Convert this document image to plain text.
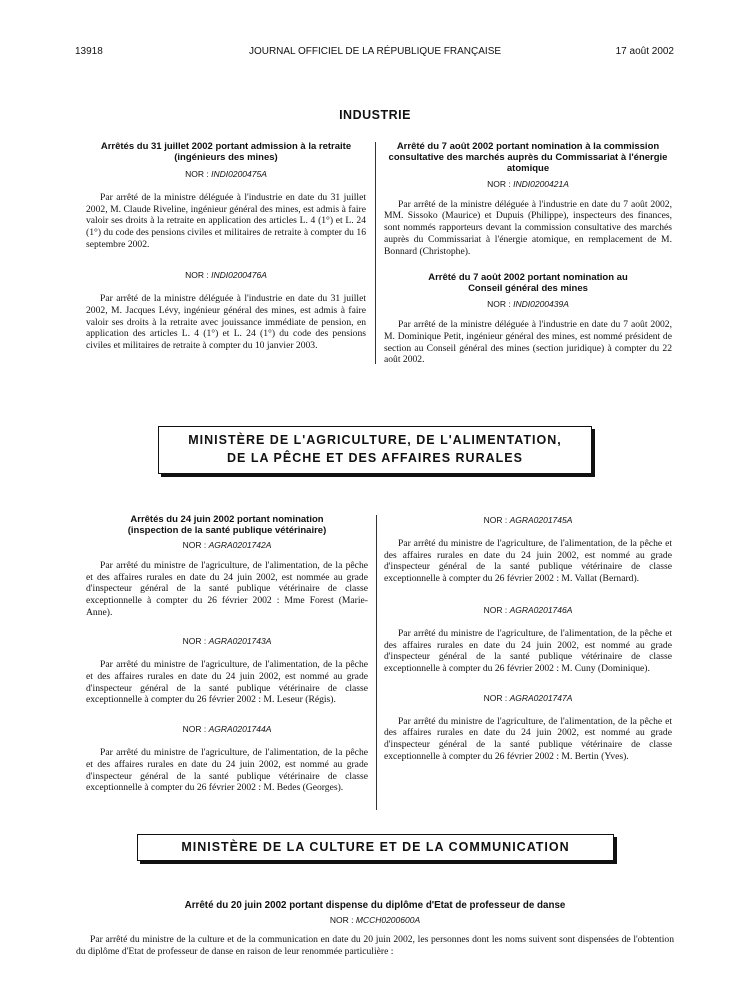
13918	JOURNAL OFFICIEL DE LA RÉPUBLIQUE FRANÇAISE	17 août 2002
INDUSTRIE
Arrêtés du 31 juillet 2002 portant admission à la retraite (ingénieurs des mines)
NOR : INDI0200475A

Par arrêté de la ministre déléguée à l'industrie en date du 31 juillet 2002, M. Claude Riveline, ingénieur général des mines, est admis à faire valoir ses droits à la retraite en application des articles L. 4 (1°) et L. 24 (1°) du code des pensions civiles et militaires de retraite à compter du 16 septembre 2002.

NOR : INDI0200476A

Par arrêté de la ministre déléguée à l'industrie en date du 31 juillet 2002, M. Jacques Lévy, ingénieur général des mines, est admis à faire valoir ses droits à la retraite avec jouissance immédiate de pension, en application des articles L. 4 (1°) et L. 24 (1°) du code des pensions civiles et militaires de retraite à compter du 10 janvier 2003.

Arrêté du 7 août 2002 portant nomination à la commission consultative des marchés auprès du Commissariat à l'énergie atomique
NOR : INDI0200421A

Par arrêté de la ministre déléguée à l'industrie en date du 7 août 2002, MM. Sissoko (Maurice) et Dupuis (Philippe), inspecteurs des finances, sont nommés rapporteurs devant la commission consultative des marchés auprès du Commissariat à l'énergie atomique, en remplacement de M. Bonnard (Christophe).

Arrêté du 7 août 2002 portant nomination au Conseil général des mines
NOR : INDI0200439A

Par arrêté de la ministre déléguée à l'industrie en date du 7 août 2002, M. Dominique Petit, ingénieur général des mines, est nommé président de section au Conseil général des mines (section juridique) à compter du 22 août 2002.

MINISTÈRE DE L'AGRICULTURE, DE L'ALIMENTATION,
DE LA PÊCHE ET DES AFFAIRES RURALES
Arrêtés du 24 juin 2002 portant nomination (inspection de la santé publique vétérinaire)
NOR : AGRA0201742A

Par arrêté du ministre de l'agriculture, de l'alimentation, de la pêche et des affaires rurales en date du 24 juin 2002, est nommée au grade d'inspecteur général de la santé publique vétérinaire de classe exceptionnelle à compter du 26 février 2002 : Mme Forest (Marie-Anne).

NOR : AGRA0201743A

Par arrêté du ministre de l'agriculture, de l'alimentation, de la pêche et des affaires rurales en date du 24 juin 2002, est nommé au grade d'inspecteur général de la santé publique vétérinaire de classe exceptionnelle à compter du 26 février 2002 : M. Leseur (Régis).

NOR : AGRA0201744A

Par arrêté du ministre de l'agriculture, de l'alimentation, de la pêche et des affaires rurales en date du 24 juin 2002, est nommé au grade d'inspecteur général de la santé publique vétérinaire de classe exceptionnelle à compter du 26 février 2002 : M. Bedes (Georges).

NOR : AGRA0201745A

Par arrêté du ministre de l'agriculture, de l'alimentation, de la pêche et des affaires rurales en date du 24 juin 2002, est nommé au grade d'inspecteur général de la santé publique vétérinaire de classe exceptionnelle à compter du 26 février 2002 : M. Vallat (Bernard).

NOR : AGRA0201746A

Par arrêté du ministre de l'agriculture, de l'alimentation, de la pêche et des affaires rurales en date du 24 juin 2002, est nommé au grade d'inspecteur général de la santé publique vétérinaire de classe exceptionnelle à compter du 26 février 2002 : M. Cuny (Dominique).

NOR : AGRA0201747A

Par arrêté du ministre de l'agriculture, de l'alimentation, de la pêche et des affaires rurales en date du 24 juin 2002, est nommé au grade d'inspecteur général de la santé publique vétérinaire de classe exceptionnelle à compter du 26 février 2002 : M. Bertin (Yves).

MINISTÈRE DE LA CULTURE ET DE LA COMMUNICATION
Arrêté du 20 juin 2002 portant dispense du diplôme d'Etat de professeur de danse
NOR : MCCH0200600A

Par arrêté du ministre de la culture et de la communication en date du 20 juin 2002, les personnes dont les noms suivent sont dispensées de l'obtention du diplôme d'Etat de professeur de danse en raison de leur renommée particulière :
